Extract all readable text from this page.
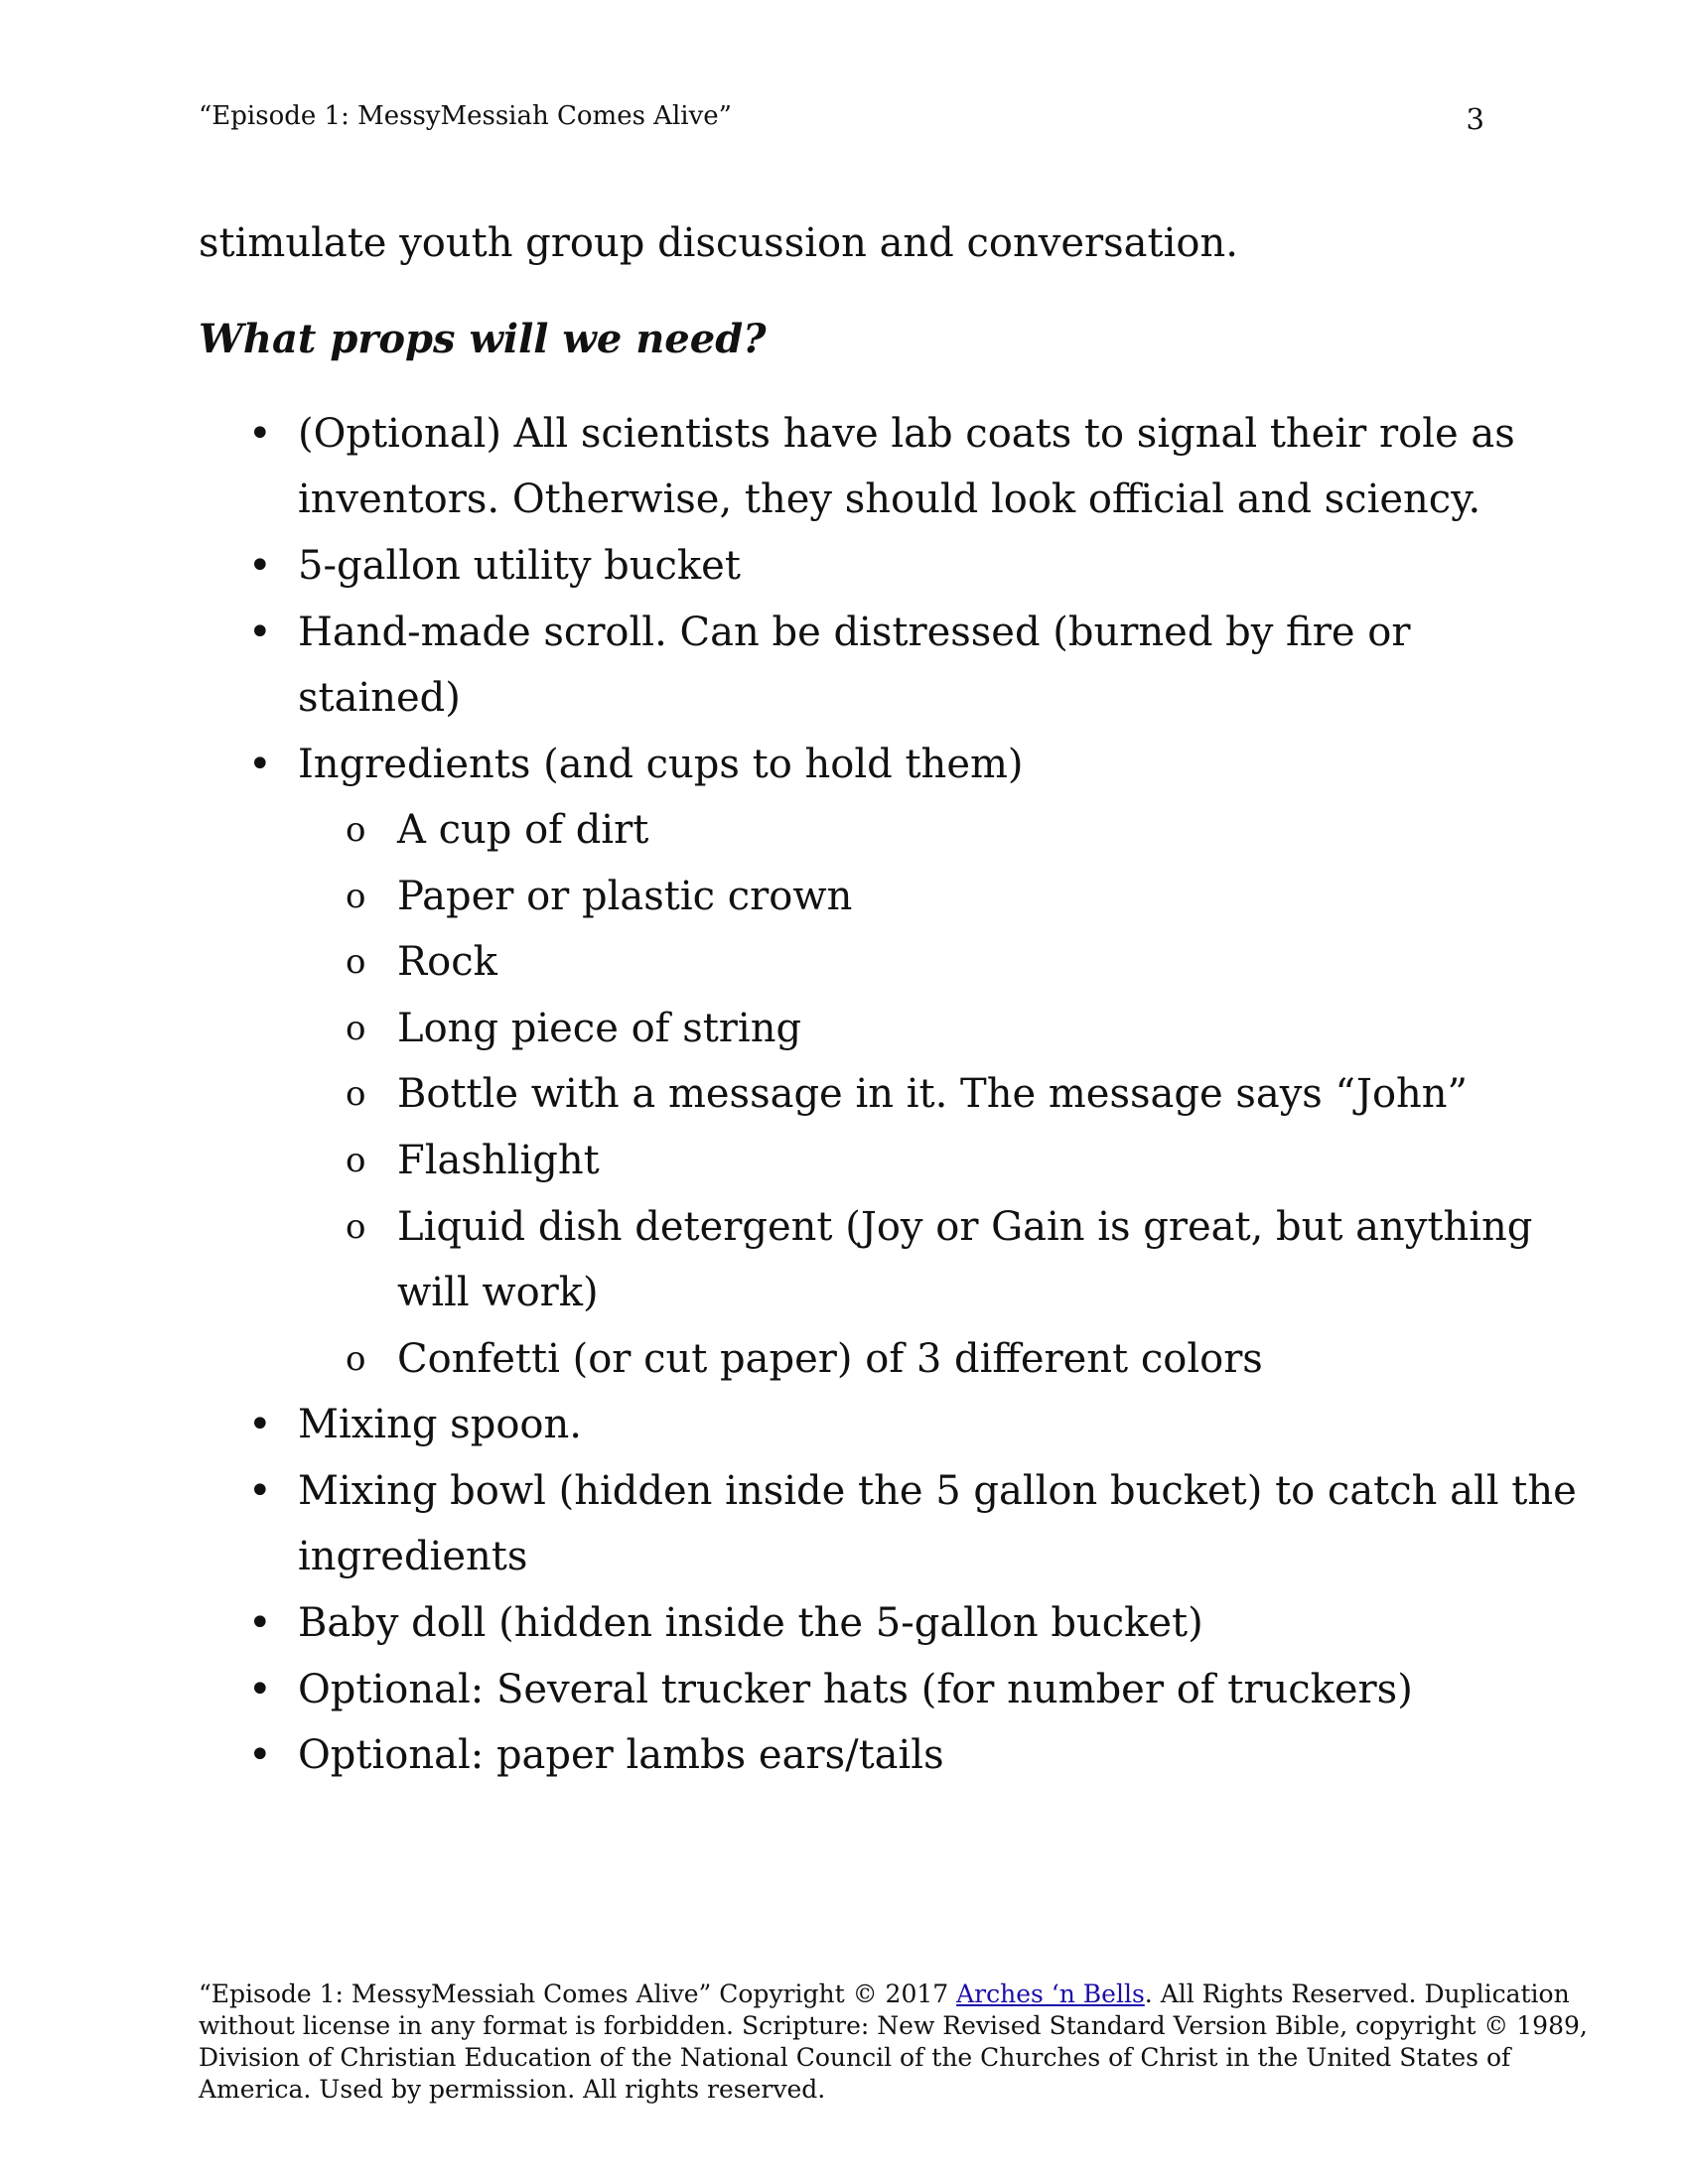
“Episode 1: MessyMessiah Comes Alive”	3
stimulate youth group discussion and conversation.
What props will we need?
• (Optional) All scientists have lab coats to signal their role as
inventors. Otherwise, they should look official and sciency.
• 5-gallon utility bucket
• Hand-made scroll. Can be distressed (burned by fire or
stained)
• Ingredients (and cups to hold them)
o A cup of dirt
o Paper or plastic crown
o Rock
o Long piece of string
o Bottle with a message in it. The message says “John”
o Flashlight
o Liquid dish detergent (Joy or Gain is great, but anything
will work)
o Confetti (or cut paper) of 3 different colors
• Mixing spoon.
• Mixing bowl (hidden inside the 5 gallon bucket) to catch all the
ingredients
• Baby doll (hidden inside the 5-gallon bucket)
• Optional: Several trucker hats (for number of truckers)
• Optional: paper lambs ears/tails
“Episode 1: MessyMessiah Comes Alive” Copyright © 2017 Arches ‘n Bells. All Rights Reserved. Duplication
without license in any format is forbidden. Scripture: New Revised Standard Version Bible, copyright © 1989,
Division of Christian Education of the National Council of the Churches of Christ in the United States of
America. Used by permission. All rights reserved.
